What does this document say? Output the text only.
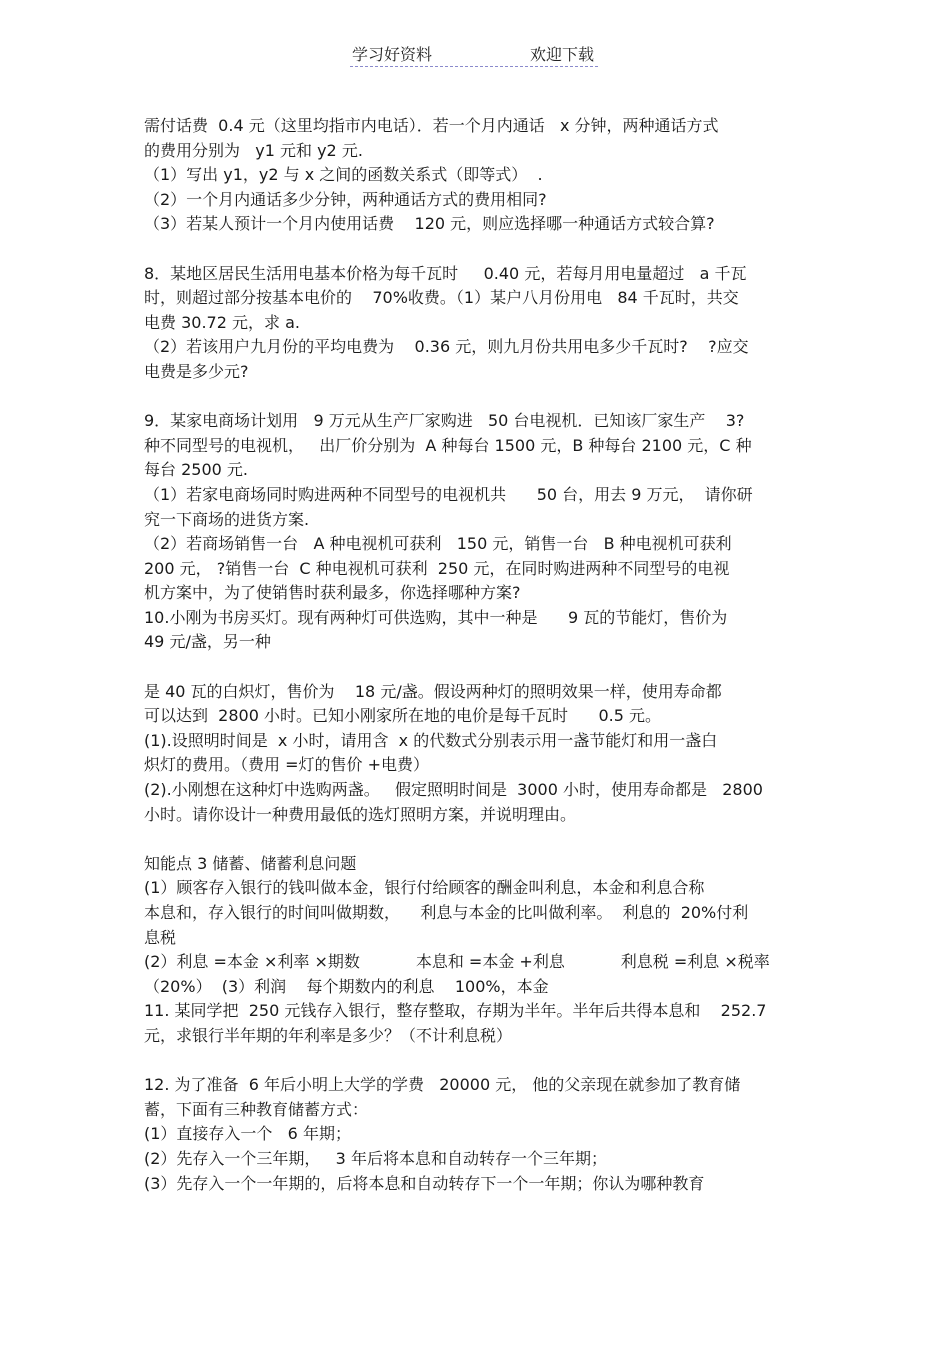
学习好资料	欢迎下载
需付话费  0.4 元（这里均指市内电话）．若一个月内通话   x 分钟，两种通话方式
的费用分别为   y1 元和 y2 元.
（1）写出 y1，y2 与 x 之间的函数关系式（即等式）  .
（2）一个月内通话多少分钟，两种通话方式的费用相同?
（3）若某人预计一个月内使用话费    120 元，则应选择哪一种通话方式较合算?
8．某地区居民生活用电基本价格为每千瓦时     0.40 元，若每月用电量超过   a 千瓦
时，则超过部分按基本电价的    70%收费。（1）某户八月份用电   84 千瓦时，共交
电费 30.72 元，求 a.
（2）若该用户九月份的平均电费为    0.36 元，则九月份共用电多少千瓦时?    ?应交
电费是多少元?
9．某家电商场计划用   9 万元从生产厂家购进   50 台电视机．已知该厂家生产    3?
种不同型号的电视机，   出厂价分别为  A 种每台 1500 元，B 种每台 2100 元，C 种
每台 2500 元.
（1）若家电商场同时购进两种不同型号的电视机共      50 台，用去 9 万元，  请你研
究一下商场的进货方案.
（2）若商场销售一台   A 种电视机可获利   150 元，销售一台   B 种电视机可获利
200 元， ?销售一台  C 种电视机可获利  250 元，在同时购进两种不同型号的电视
机方案中，为了使销售时获利最多，你选择哪种方案?
10.小刚为书房买灯。现有两种灯可供选购，其中一种是      9 瓦的节能灯，售价为
49 元/盏，另一种
是 40 瓦的白炽灯，售价为    18 元/盏。假设两种灯的照明效果一样，使用寿命都
可以达到  2800 小时。已知小刚家所在地的电价是每千瓦时      0.5 元。
(1).设照明时间是  x 小时，请用含  x 的代数式分别表示用一盏节能灯和用一盏白
炽灯的费用。（费用 =灯的售价 +电费）
(2).小刚想在这种灯中选购两盏。   假定照明时间是  3000 小时，使用寿命都是   2800
小时。请你设计一种费用最低的选灯照明方案，并说明理由。
知能点 3 储蓄、储蓄利息问题
(1）顾客存入银行的钱叫做本金，银行付给顾客的酬金叫利息，本金和利息合称
本息和，存入银行的时间叫做期数，    利息与本金的比叫做利率。  利息的  20%付利
息税
(2）利息 =本金 ×利率 ×期数           本息和 =本金 +利息           利息税 =利息 ×税率
（20%）  (3）利润    每个期数内的利息    100%，本金
11. 某同学把  250 元钱存入银行，整存整取，存期为半年。半年后共得本息和    252.7
元，求银行半年期的年利率是多少？（不计利息税）
12. 为了准备  6 年后小明上大学的学费   20000 元， 他的父亲现在就参加了教育储
蓄，下面有三种教育储蓄方式：
(1）直接存入一个   6 年期；
(2）先存入一个三年期，   3 年后将本息和自动转存一个三年期；
(3）先存入一个一年期的，后将本息和自动转存下一个一年期；你认为哪种教育
